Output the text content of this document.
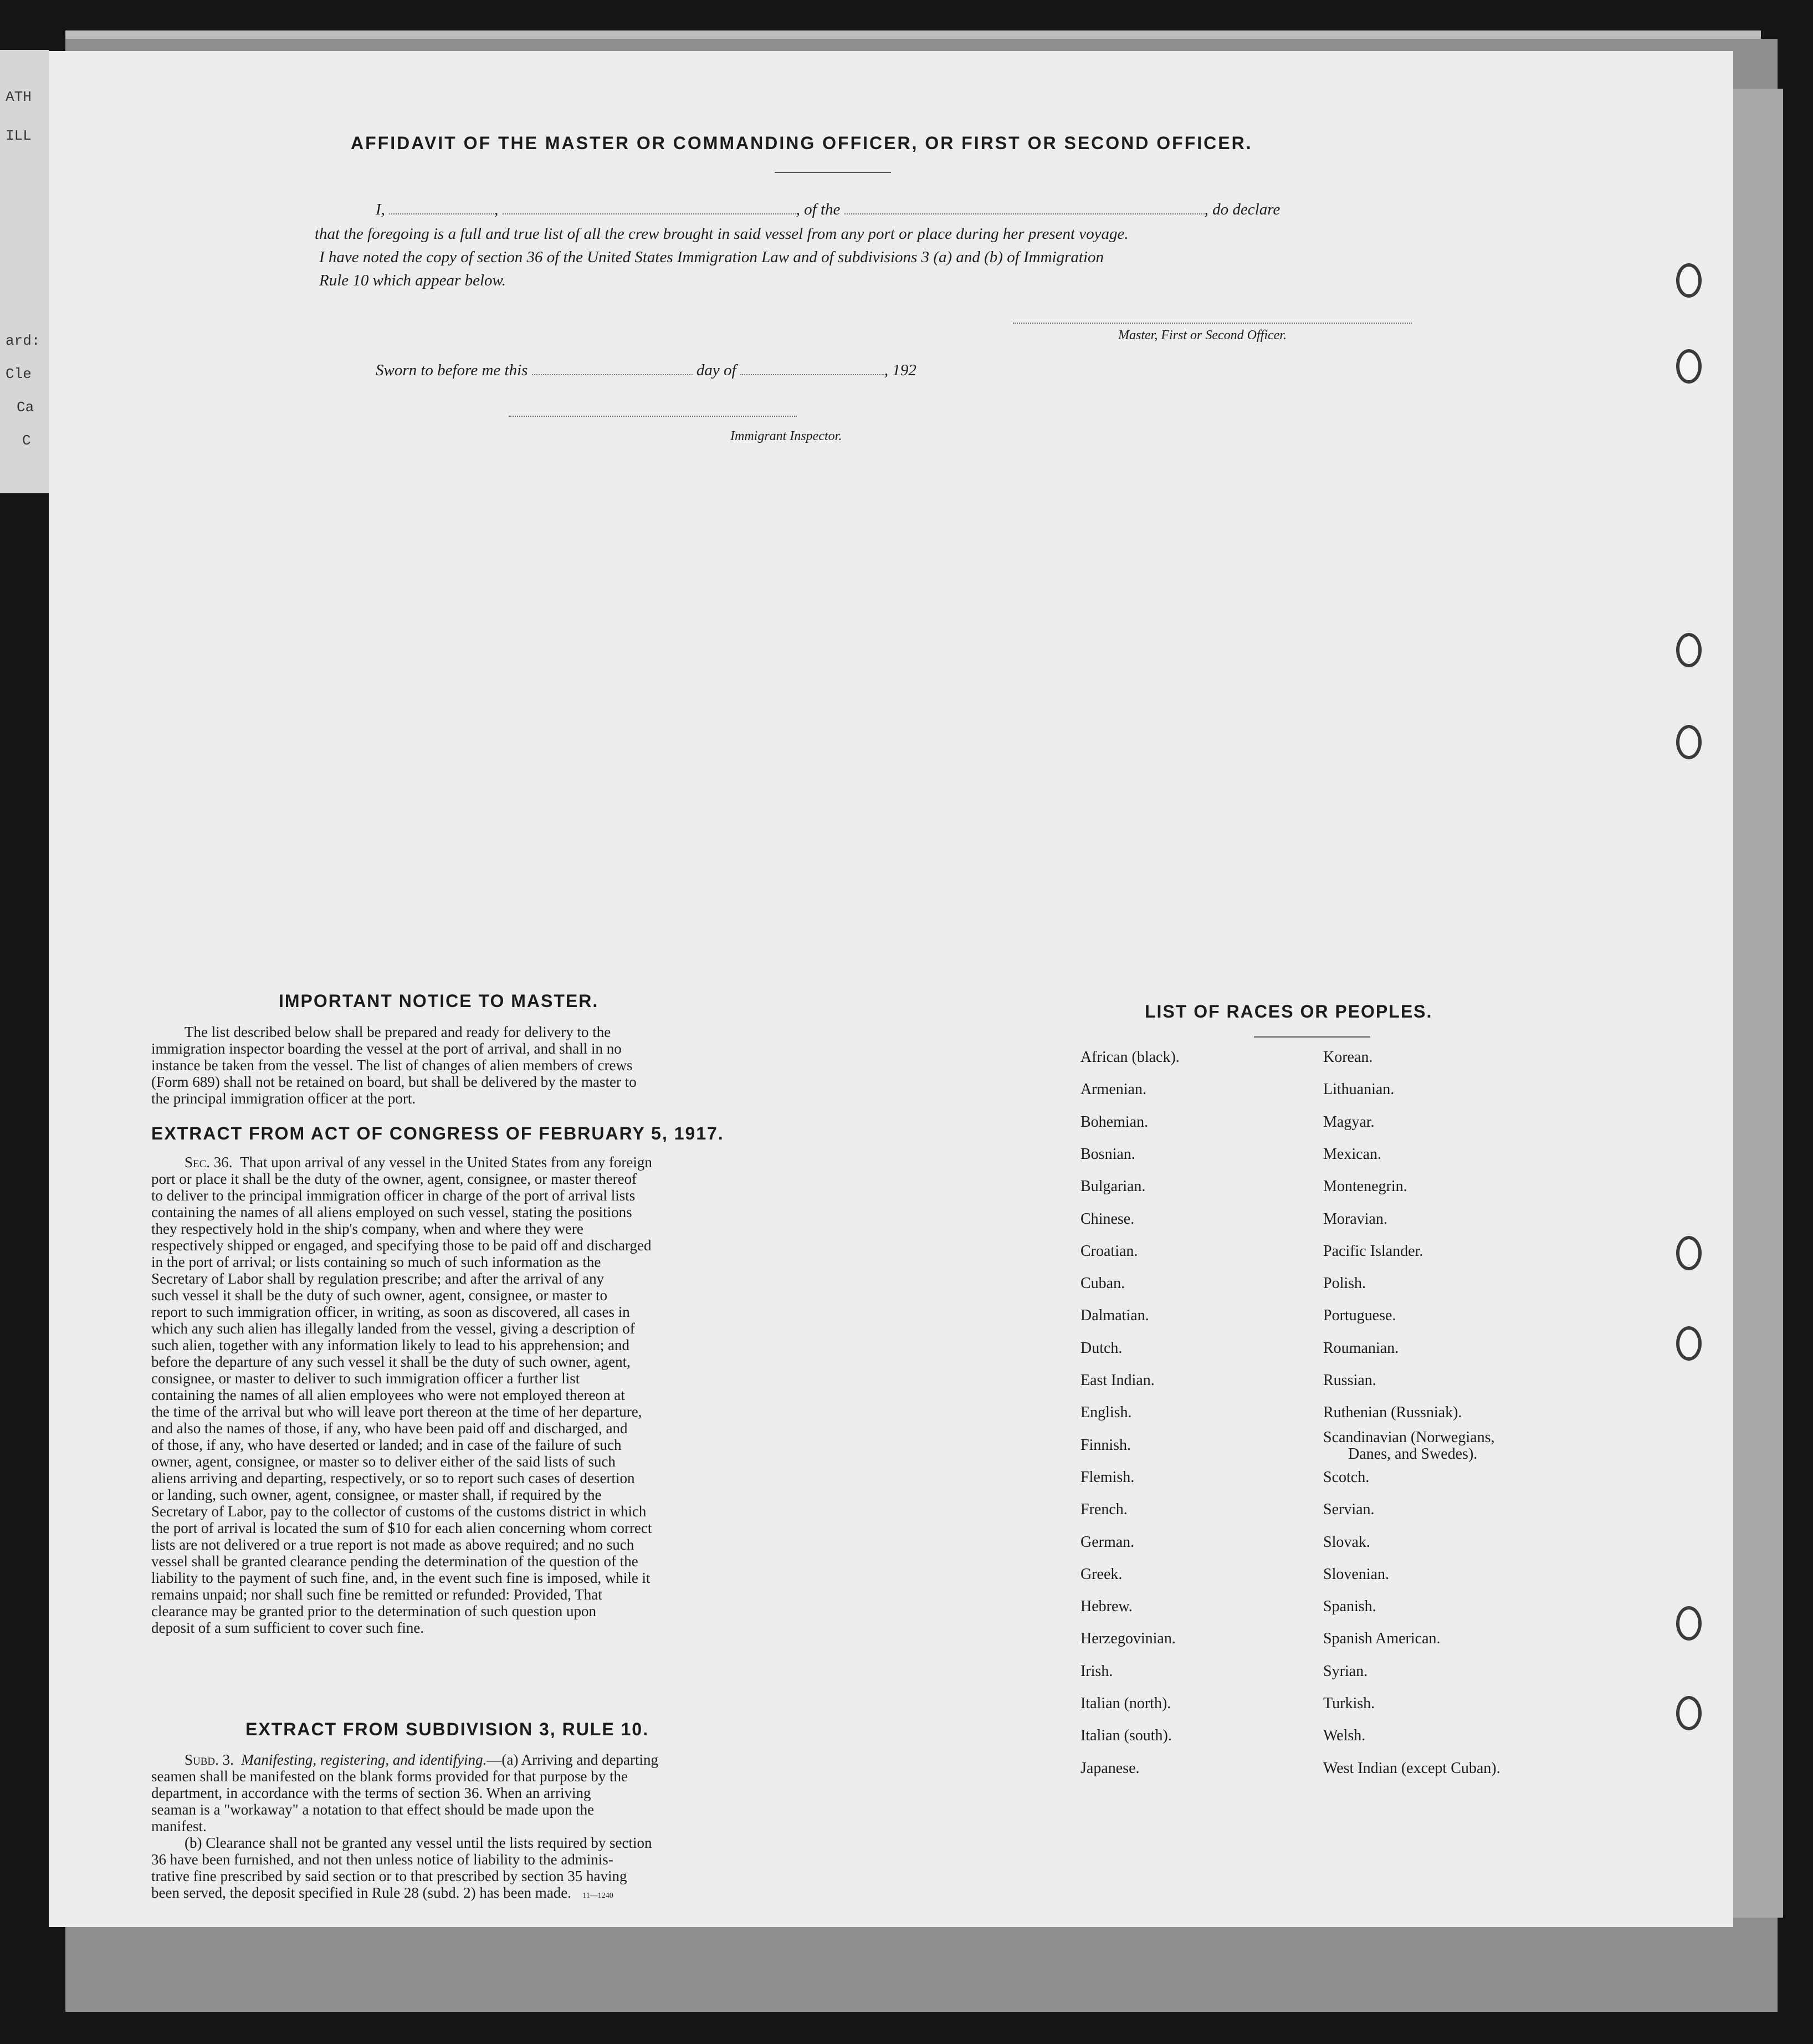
ATH
ILL
ard:
Cle
Ca
C
AFFIDAVIT OF THE MASTER OR COMMANDING OFFICER, OR FIRST OR SECOND OFFICER.
I,	,	, of the	, do declare
that the foregoing is a full and true list of all the crew brought in said vessel from any port or place during her present voyage.
I have noted the copy of section 36 of the United States Immigration Law and of subdivisions 3 (a) and (b) of Immigration
Rule 10 which appear below.
Master, First or Second Officer.
Sworn to before me this	day of	, 192
Immigrant Inspector.
IMPORTANT NOTICE TO MASTER.
The list described below shall be prepared and ready for delivery to the
immigration inspector boarding the vessel at the port of arrival, and shall in no
instance be taken from the vessel. The list of changes of alien members of crews
(Form 689) shall not be retained on board, but shall be delivered by the master to
the principal immigration officer at the port.
EXTRACT FROM ACT OF CONGRESS OF FEBRUARY 5, 1917.
Sec. 36. That upon arrival of any vessel in the United States from any foreign
port or place it shall be the duty of the owner, agent, consignee, or master thereof
to deliver to the principal immigration officer in charge of the port of arrival lists
containing the names of all aliens employed on such vessel, stating the positions
they respectively hold in the ship's company, when and where they were
respectively shipped or engaged, and specifying those to be paid off and discharged
in the port of arrival; or lists containing so much of such information as the
Secretary of Labor shall by regulation prescribe; and after the arrival of any
such vessel it shall be the duty of such owner, agent, consignee, or master to
report to such immigration officer, in writing, as soon as discovered, all cases in
which any such alien has illegally landed from the vessel, giving a description of
such alien, together with any information likely to lead to his apprehension; and
before the departure of any such vessel it shall be the duty of such owner, agent,
consignee, or master to deliver to such immigration officer a further list
containing the names of all alien employees who were not employed thereon at
the time of the arrival but who will leave port thereon at the time of her departure,
and also the names of those, if any, who have been paid off and discharged, and
of those, if any, who have deserted or landed; and in case of the failure of such
owner, agent, consignee, or master so to deliver either of the said lists of such
aliens arriving and departing, respectively, or so to report such cases of desertion
or landing, such owner, agent, consignee, or master shall, if required by the
Secretary of Labor, pay to the collector of customs of the customs district in which
the port of arrival is located the sum of $10 for each alien concerning whom correct
lists are not delivered or a true report is not made as above required; and no such
vessel shall be granted clearance pending the determination of the question of the
liability to the payment of such fine, and, in the event such fine is imposed, while it
remains unpaid; nor shall such fine be remitted or refunded: Provided, That
clearance may be granted prior to the determination of such question upon
deposit of a sum sufficient to cover such fine.
EXTRACT FROM SUBDIVISION 3, RULE 10.
Subd. 3. Manifesting, registering, and identifying.—(a) Arriving and departing
seamen shall be manifested on the blank forms provided for that purpose by the
department, in accordance with the terms of section 36. When an arriving
seaman is a "workaway" a notation to that effect should be made upon the
manifest.
(b) Clearance shall not be granted any vessel until the lists required by section
36 have been furnished, and not then unless notice of liability to the adminis-
trative fine prescribed by said section or to that prescribed by section 35 having
been served, the deposit specified in Rule 28 (subd. 2) has been made. 11—1240
LIST OF RACES OR PEOPLES.
African (black).
Armenian.
Bohemian.
Bosnian.
Bulgarian.
Chinese.
Croatian.
Cuban.
Dalmatian.
Dutch.
East Indian.
English.
Finnish.
Flemish.
French.
German.
Greek.
Hebrew.
Herzegovinian.
Irish.
Italian (north).
Italian (south).
Japanese.
Korean.
Lithuanian.
Magyar.
Mexican.
Montenegrin.
Moravian.
Pacific Islander.
Polish.
Portuguese.
Roumanian.
Russian.
Ruthenian (Russniak).
Scandinavian (Norwegians,
Danes, and Swedes).
Scotch.
Servian.
Slovak.
Slovenian.
Spanish.
Spanish American.
Syrian.
Turkish.
Welsh.
West Indian (except Cuban).
